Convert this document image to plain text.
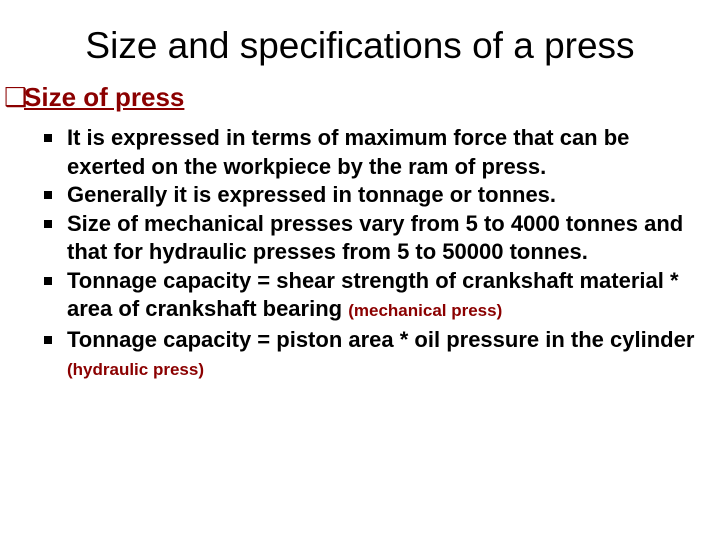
Size and specifications of a press
❑
Size of press
It is expressed in terms of maximum force that can be exerted on the workpiece by the ram of press.
Generally it is expressed in tonnage or tonnes.
Size of mechanical presses vary from 5 to 4000 tonnes and that for hydraulic presses from 5 to 50000 tonnes.
Tonnage capacity = shear strength of crankshaft material * area of crankshaft bearing (mechanical press)
Tonnage capacity = piston area * oil pressure in the cylinder (hydraulic press)
